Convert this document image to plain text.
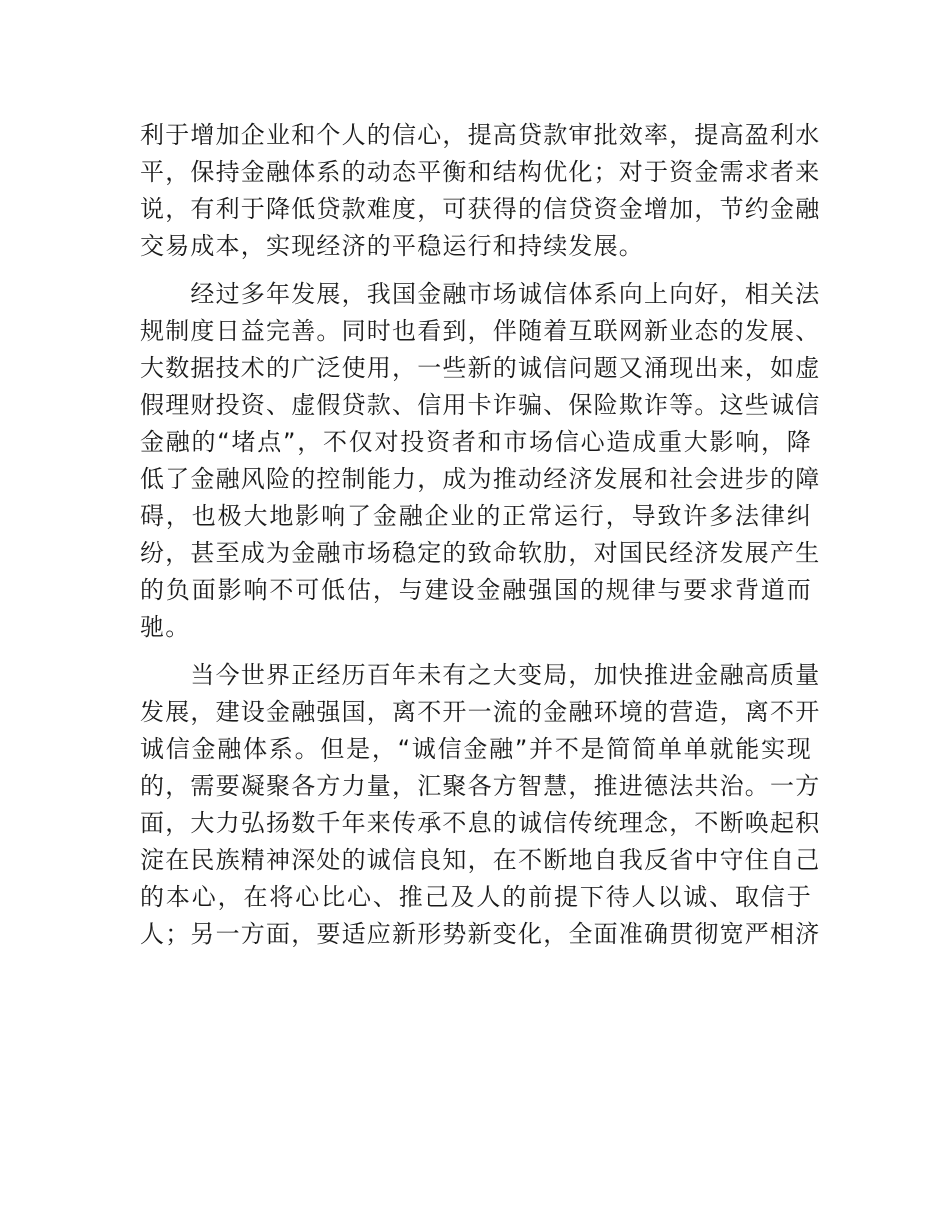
利于增加企业和个人的信心，提高贷款审批效率，提高盈利水
平，保持金融体系的动态平衡和结构优化；对于资金需求者来
说，有利于降低贷款难度，可获得的信贷资金增加，节约金融
交易成本，实现经济的平稳运行和持续发展。
　　经过多年发展，我国金融市场诚信体系向上向好，相关法
规制度日益完善。同时也看到，伴随着互联网新业态的发展、
大数据技术的广泛使用，一些新的诚信问题又涌现出来，如虚
假理财投资、虚假贷款、信用卡诈骗、保险欺诈等。这些诚信
金融的“堵点”，不仅对投资者和市场信心造成重大影响，降
低了金融风险的控制能力，成为推动经济发展和社会进步的障
碍，也极大地影响了金融企业的正常运行，导致许多法律纠
纷，甚至成为金融市场稳定的致命软肋，对国民经济发展产生
的负面影响不可低估，与建设金融强国的规律与要求背道而
驰。
　　当今世界正经历百年未有之大变局，加快推进金融高质量
发展，建设金融强国，离不开一流的金融环境的营造，离不开
诚信金融体系。但是，“诚信金融”并不是简简单单就能实现
的，需要凝聚各方力量，汇聚各方智慧，推进德法共治。一方
面，大力弘扬数千年来传承不息的诚信传统理念，不断唤起积
淀在民族精神深处的诚信良知，在不断地自我反省中守住自己
的本心，在将心比心、推己及人的前提下待人以诚、取信于
人；另一方面，要适应新形势新变化，全面准确贯彻宽严相济
